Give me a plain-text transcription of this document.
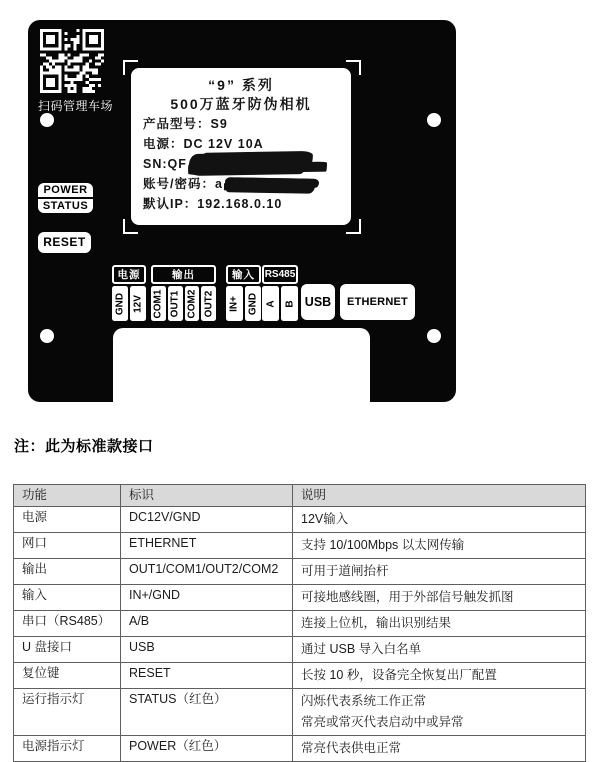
扫码管理车场
“9” 系列
500万蓝牙防伪相机
产品型号：S9
电源：DC 12V 10A
SN:QF
账号/密码：a
默认IP：192.168.0.10
POWER
STATUS
RESET
USB	ETHERNET
电源
GND 12V
输出
COM1 OUT1 COM2 OUT2
输入
IN+ GND
RS485
A B
注：此为标准款接口
功能	标识	说明
电源	DC12V/GND	12V输入

网口	ETHERNET	支持 10/100Mbps 以太网传输

输出	OUT1/COM1/OUT2/COM2	可用于道闸抬杆

输入	IN+/GND	可接地感线圈，用于外部信号触发抓图

串口（RS485）	A/B	连接上位机，输出识别结果

U 盘接口	USB	通过 USB 导入白名单

复位键	RESET	长按 10 秒，设备完全恢复出厂配置

运行指示灯	STATUS（红色）	闪烁代表系统工作正常
常亮或常灭代表启动中或异常

电源指示灯	POWER（红色）	常亮代表供电正常
